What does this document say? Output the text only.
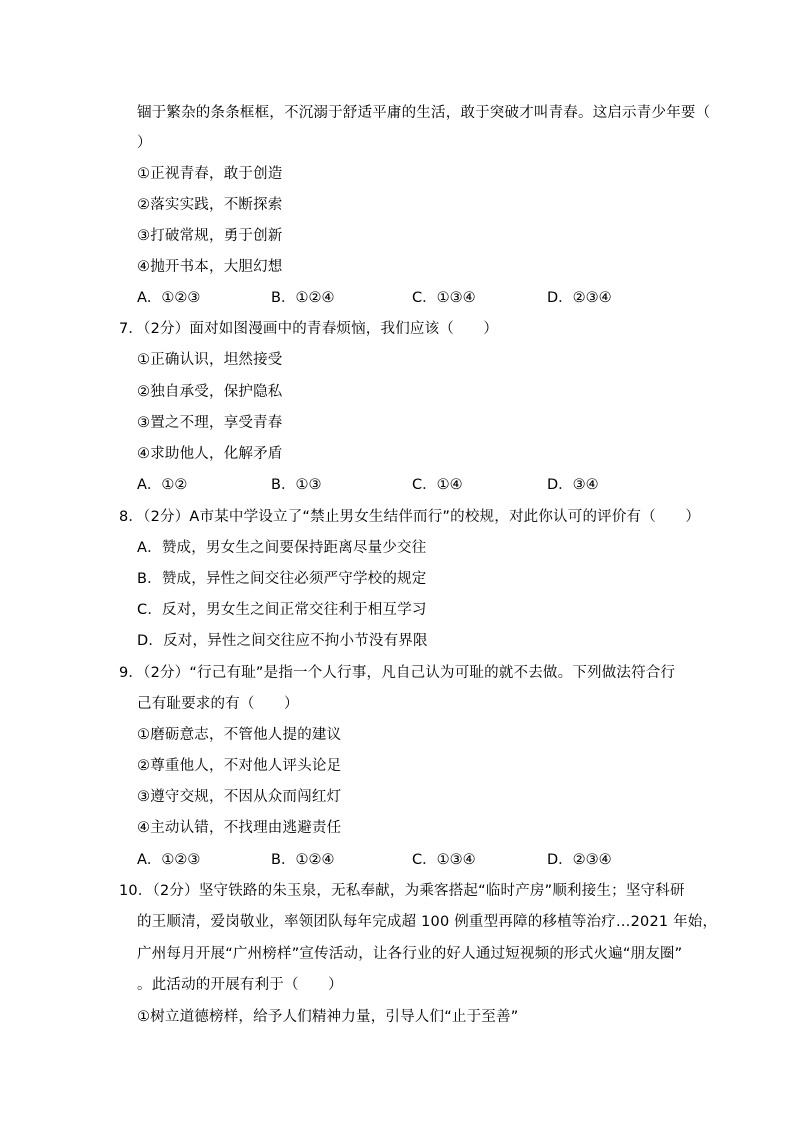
锢于繁杂的条条框框，不沉溺于舒适平庸的生活，敢于突破才叫青春。这启示青少年要（
）
①正视青春，敢于创造
②落实实践，不断探索
③打破常规，勇于创新
④抛开书本，大胆幻想
A．①②③	B．①②④	C．①③④	D．②③④
7．（2分）面对如图漫画中的青春烦恼，我们应该（　　）
①正确认识，坦然接受
②独自承受，保护隐私
③置之不理，享受青春
④求助他人，化解矛盾
A．①②	B．①③	C．①④	D．③④
8．（2分）A市某中学设立了“禁止男女生结伴而行”的校规，对此你认可的评价有（　　）
A．赞成，男女生之间要保持距离尽量少交往
B．赞成，异性之间交往必须严守学校的规定
C．反对，男女生之间正常交往利于相互学习
D．反对，异性之间交往应不拘小节没有界限
9．（2分）“行己有耻”是指一个人行事，凡自己认为可耻的就不去做。下列做法符合行
己有耻要求的有（　　）
①磨砺意志，不管他人提的建议
②尊重他人，不对他人评头论足
③遵守交规，不因从众而闯红灯
④主动认错，不找理由逃避责任
A．①②③	B．①②④	C．①③④	D．②③④
10．（2分）坚守铁路的朱玉泉，无私奉献，为乘客搭起“临时产房”顺利接生；坚守科研
的王顺清，爱岗敬业，率领团队每年完成超 100 例重型再障的移植等治疗…2021 年始，
广州每月开展“广州榜样”宣传活动，让各行业的好人通过短视频的形式火遍“朋友圈”
。此活动的开展有利于（　　）
①树立道德榜样，给予人们精神力量，引导人们“止于至善”
